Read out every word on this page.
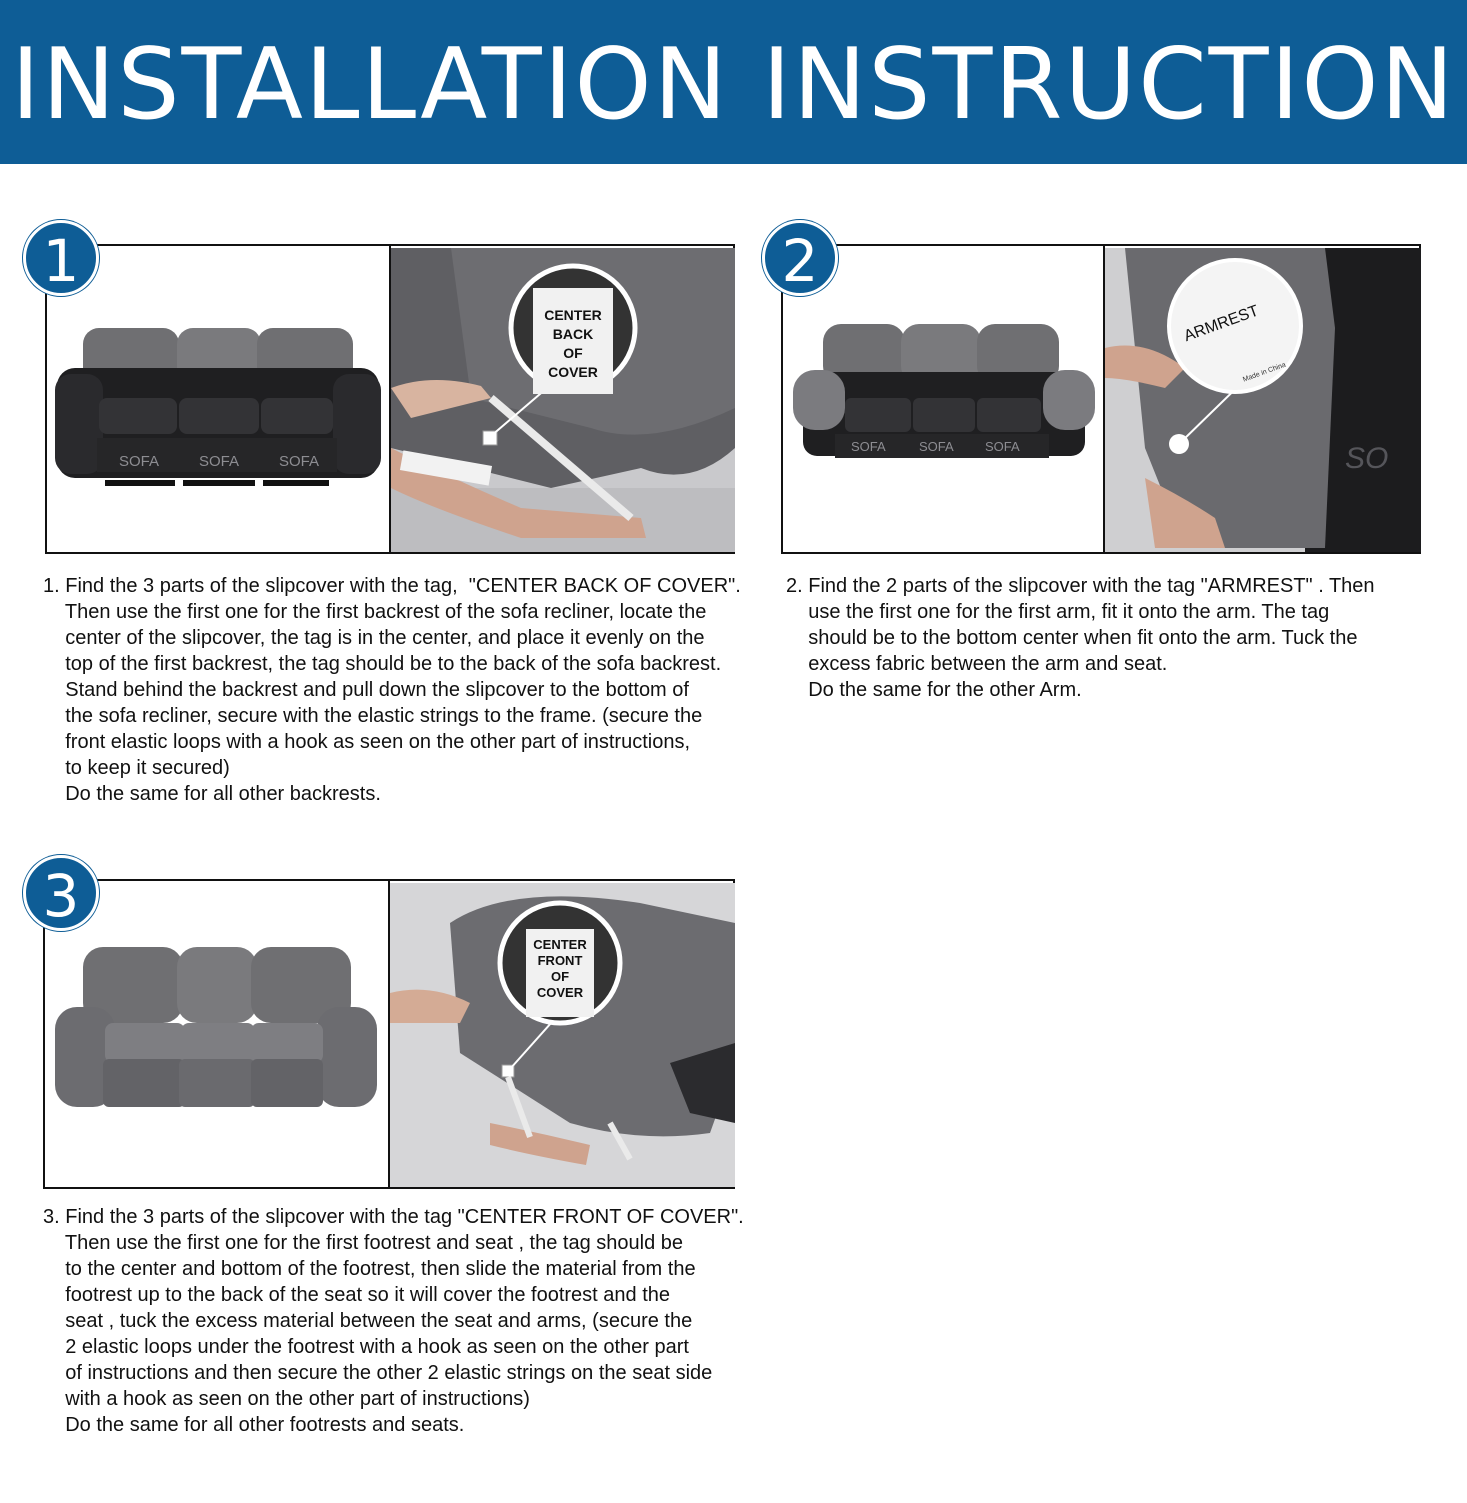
INSTALLATION INSTRUCTION
1
SOFA	SOFA	SOFA
CENTER
BACK
OF
COVER
1. Find the 3 parts of the slipcover with the tag,  "CENTER BACK OF COVER".
Then use the first one for the first backrest of the sofa recliner, locate the
center of the slipcover, the tag is in the center, and place it evenly on the
top of the first backrest, the tag should be to the back of the sofa backrest.
Stand behind the backrest and pull down the slipcover to the bottom of
the sofa recliner, secure with the elastic strings to the frame. (secure the
front elastic loops with a hook as seen on the other part of instructions,
to keep it secured)
Do the same for all other backrests.
2
SOFA	SOFA SOFA	SO
ARMREST
Made in China
2. Find the 2 parts of the slipcover with the tag "ARMREST" . Then
use the first one for the first arm, fit it onto the arm. The tag
should be to the bottom center when fit onto the arm. Tuck the
excess fabric between the arm and seat.
Do the same for the other Arm.
3
CENTER
FRONT
OF
COVER
3. Find the 3 parts of the slipcover with the tag "CENTER FRONT OF COVER".
Then use the first one for the first footrest and seat , the tag should be
to the center and bottom of the footrest, then slide the material from the
footrest up to the back of the seat so it will cover the footrest and the
seat , tuck the excess material between the seat and arms, (secure the
2 elastic loops under the footrest with a hook as seen on the other part
of instructions and then secure the other 2 elastic strings on the seat side
with a hook as seen on the other part of instructions)
Do the same for all other footrests and seats.
